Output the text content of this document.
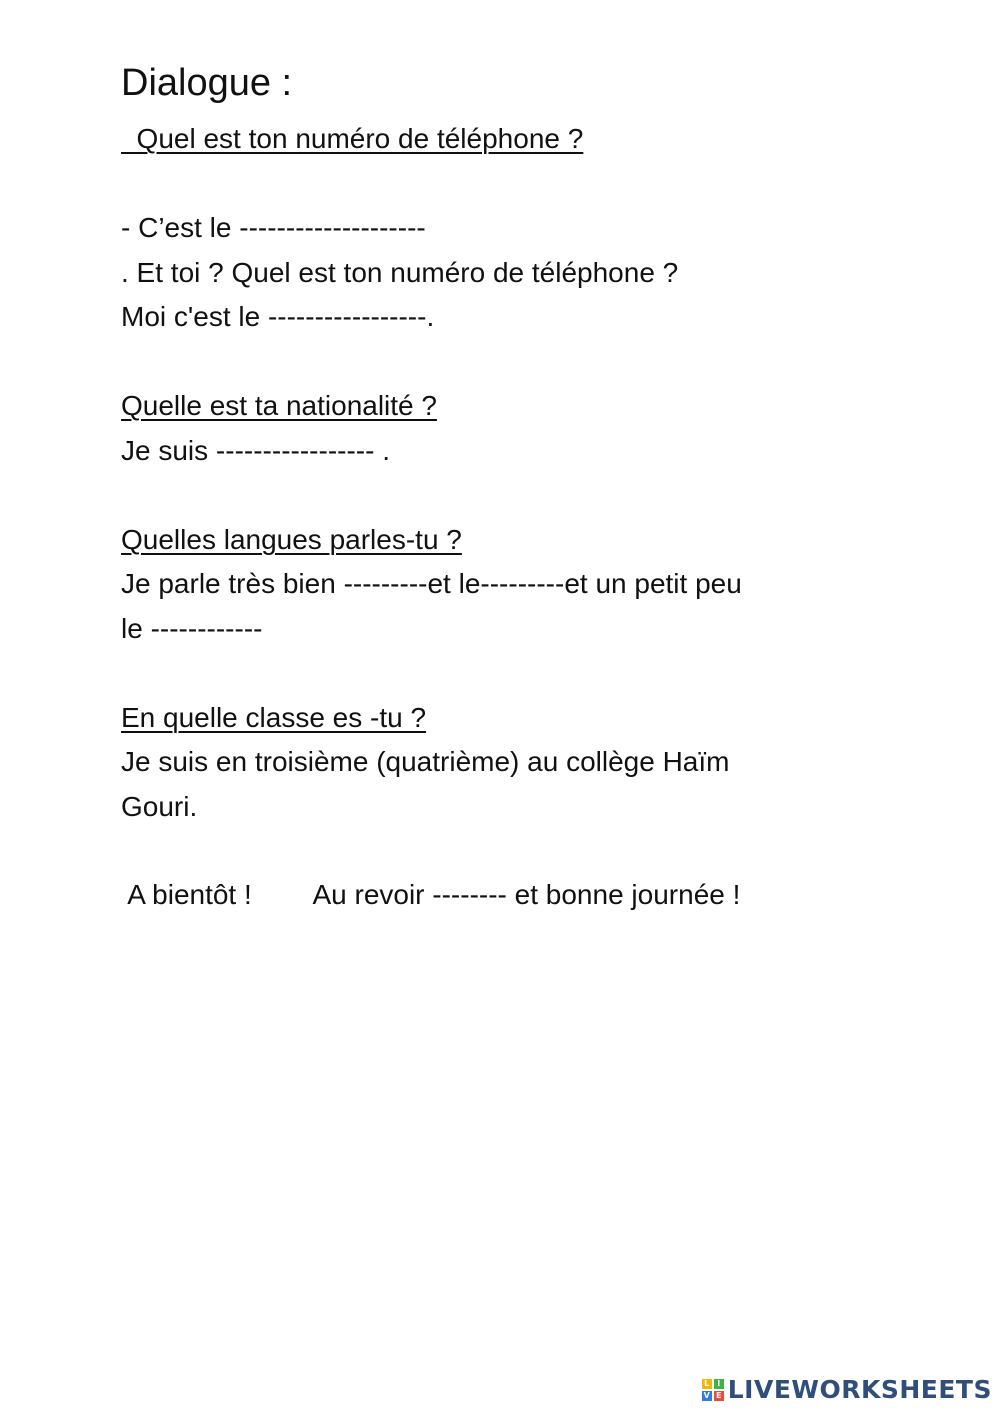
Dialogue :
Quel est ton numéro de téléphone ?
- C’est le --------------------
. Et toi ? Quel est ton numéro de téléphone ?
Moi c'est le -----------------.
Quelle est ta nationalité ?
Je suis ----------------- .
Quelles langues parles-tu ?
Je parle très bien ---------et le---------et un petit peu
le ------------
En quelle classe es -tu ?
Je suis en troisième (quatrième) au collège Haïm
Gouri.
A bientôt !        Au revoir -------- et bonne journée !
L I
V E LIVEWORKSHEETS
